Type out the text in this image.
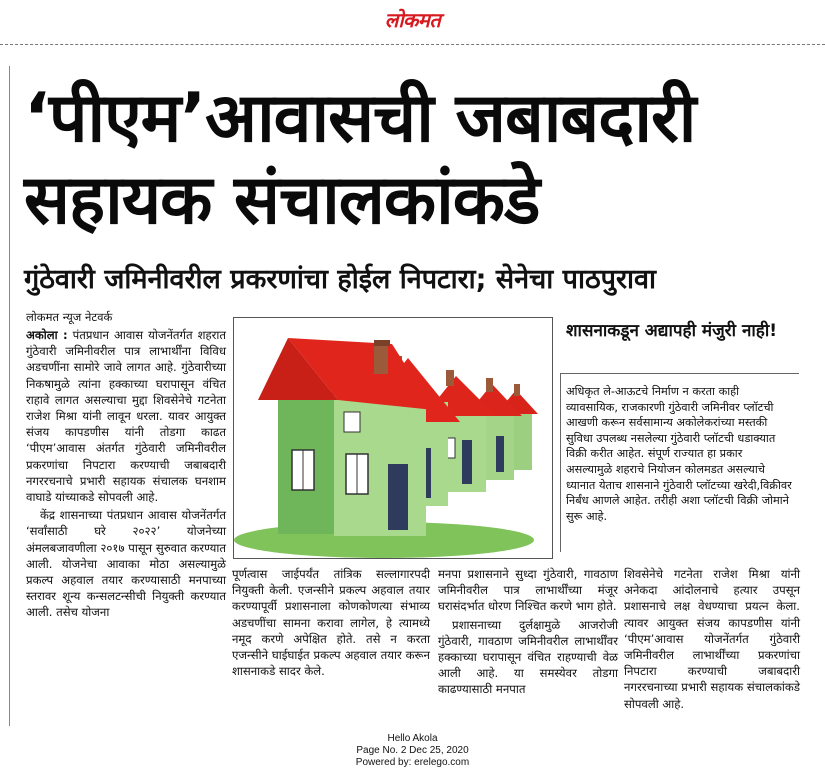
लोकमत
‘पीएम’आवासची जबाबदारी
सहायक संचालकांकडे
गुंठेवारी जमिनीवरील प्रकरणांचा होईल निपटारा; सेनेचा पाठपुरावा
लोकमत न्यूज नेटवर्क

अकोला : पंतप्रधान आवास योजनेंतर्गत शहरात गुंठेवारी जमिनीवरील पात्र लाभार्थींना विविध अडचणींना सामोरे जावे लागत आहे. गुंठेवारीच्या निकषामुळे त्यांना हक्काच्या घरापासून वंचित राहावे लागत असल्याचा मुद्दा शिवसेनेचे गटनेता राजेश मिश्रा यांनी लावून धरला. यावर आयुक्त संजय कापडणीस यांनी तोडगा काढत ‘पीएम’आवास अंतर्गत गुंठेवारी जमिनीवरील प्रकरणांचा निपटारा करण्याची जबाबदारी नगररचनाचे प्रभारी सहायक संचालक घनशाम वाघाडे यांच्याकडे सोपवली आहे.

केंद्र शासनाच्या पंतप्रधान आवास योजनेंतर्गत ‘सर्वांसाठी घरे २०२२’ योजनेच्या अंमलबजावणीला २०१७ पासून सुरुवात करण्यात आली. योजनेचा आवाका मोठा असल्यामुळे प्रकल्प अहवाल तयार करण्यासाठी मनपाच्या स्तरावर शून्य कन्सलटन्सीची नियुक्ती करण्यात आली. तसेच योजना

शासनाकडून अद्यापही मंजुरी नाही!

अधिकृत ले-आऊटचे निर्माण न करता काही व्यावसायिक, राजकारणी गुंठेवारी जमिनीवर प्लॉटची आखणी करून सर्वसामान्य अकोलेकरांच्या मस्तकी सुविधा उपलब्ध नसलेल्या गुंठेवारी प्लॉटची धडाक्यात विक्री करीत आहेत. संपूर्ण राज्यात हा प्रकार असल्यामुळे शहराचे नियोजन कोलमडत असल्याचे ध्यानात येताच शासनाने गुंठेवारी प्लॉटच्या खरेदी,विक्रीवर निर्बंध आणले आहेत. तरीही अशा प्लॉटची विक्री जोमाने सुरू आहे.

पूर्णत्वास जाईपर्यंत तांत्रिक सल्लागारपदी नियुक्ती केली. एजन्सीने प्रकल्प अहवाल तयार करण्यापूर्वी प्रशासनाला कोणकोणत्या संभाव्य अडचणींचा सामना करावा लागेल, हे त्यामध्ये नमूद करणे अपेक्षित होते. तसे न करता एजन्सीने घाईघाईत प्रकल्प अहवाल तयार करून शासनाकडे सादर केले.

मनपा प्रशासनाने सुध्दा गुंठेवारी, गावठाण जमिनीवरील पात्र लाभार्थींच्या मंजूर घरासंदर्भात धोरण निश्चित करणे भाग होते.

प्रशासनाच्या दुर्लक्षामुळे आजरोजी गुंठेवारी, गावठाण जमिनीवरील लाभार्थींवर हक्काच्या घरापासून वंचित राहण्याची वेळ आली आहे. या समस्येवर तोडगा काढण्यासाठी मनपात

शिवसेनेचे गटनेता राजेश मिश्रा यांनी अनेकदा आंदोलनाचे हत्यार उपसून प्रशासनाचे लक्ष वेधण्याचा प्रयत्न केला. त्यावर आयुक्त संजय कापडणीस यांनी ‘पीएम’आवास योजनेंतर्गत गुंठेवारी जमिनीवरील लाभार्थींच्या प्रकरणांचा निपटारा करण्याची जबाबदारी नगररचनाच्या प्रभारी सहायक संचालकांकडे सोपवली आहे.

Hello Akola
Page No. 2 Dec 25, 2020
Powered by: erelego.com
